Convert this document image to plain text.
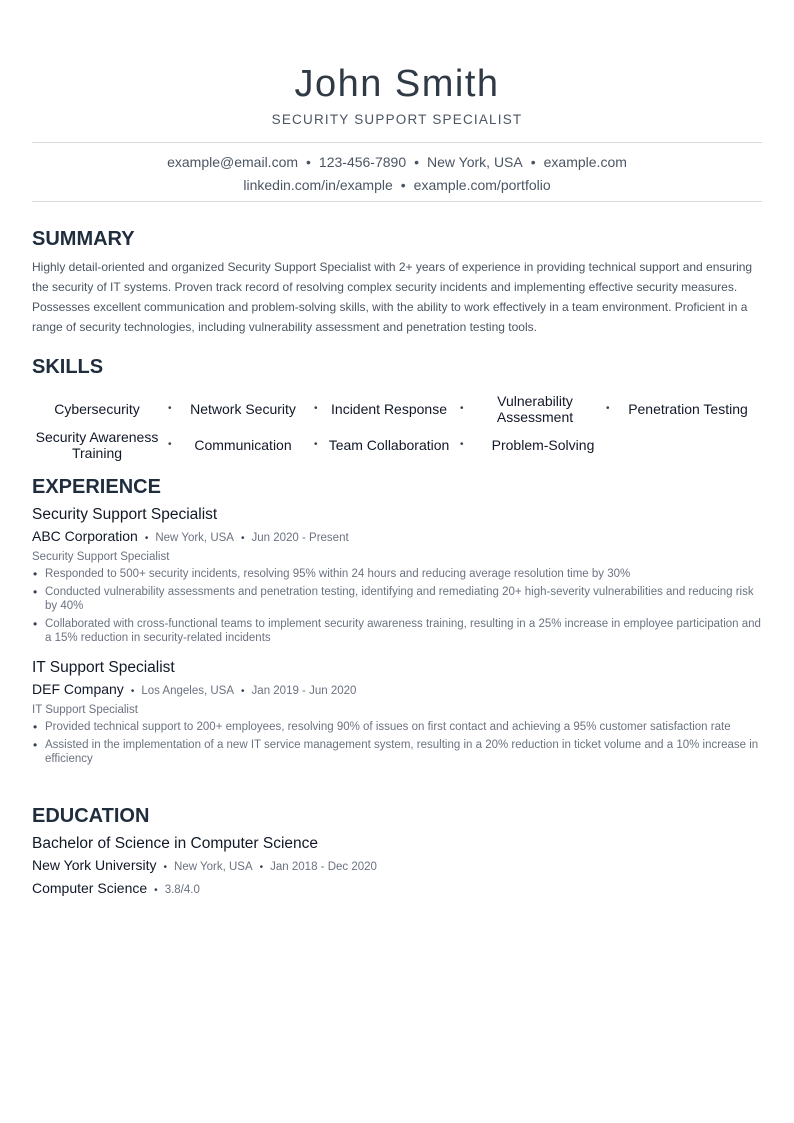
John Smith
SECURITY SUPPORT SPECIALIST
example@email.com • 123-456-7890 • New York, USA • example.com
linkedin.com/in/example • example.com/portfolio
SUMMARY
Highly detail-oriented and organized Security Support Specialist with 2+ years of experience in providing technical support and ensuring the security of IT systems. Proven track record of resolving complex security incidents and implementing effective security measures. Possesses excellent communication and problem-solving skills, with the ability to work effectively in a team environment. Proficient in a range of security technologies, including vulnerability assessment and penetration testing tools.
SKILLS
Cybersecurity	•	Network Security	• Incident Response	•	Vulnerability Assessment
•	Penetration Testing
Security Awareness Training
•	Communication	• Team Collaboration	•	Problem-Solving
EXPERIENCE
Security Support Specialist
ABC Corporation • New York, USA • Jun 2020 - Present
Security Support Specialist
• Responded to 500+ security incidents, resolving 95% within 24 hours and reducing average resolution time by 30%
• Conducted vulnerability assessments and penetration testing, identifying and remediating 20+ high-severity vulnerabilities and reducing risk by 40%
• Collaborated with cross-functional teams to implement security awareness training, resulting in a 25% increase in employee participation and a 15% reduction in security-related incidents
IT Support Specialist
DEF Company • Los Angeles, USA • Jan 2019 - Jun 2020
IT Support Specialist
• Provided technical support to 200+ employees, resolving 90% of issues on first contact and achieving a 95% customer satisfaction rate
• Assisted in the implementation of a new IT service management system, resulting in a 20% reduction in ticket volume and a 10% increase in efficiency
EDUCATION
Bachelor of Science in Computer Science
New York University • New York, USA • Jan 2018 - Dec 2020
Computer Science • 3.8/4.0
